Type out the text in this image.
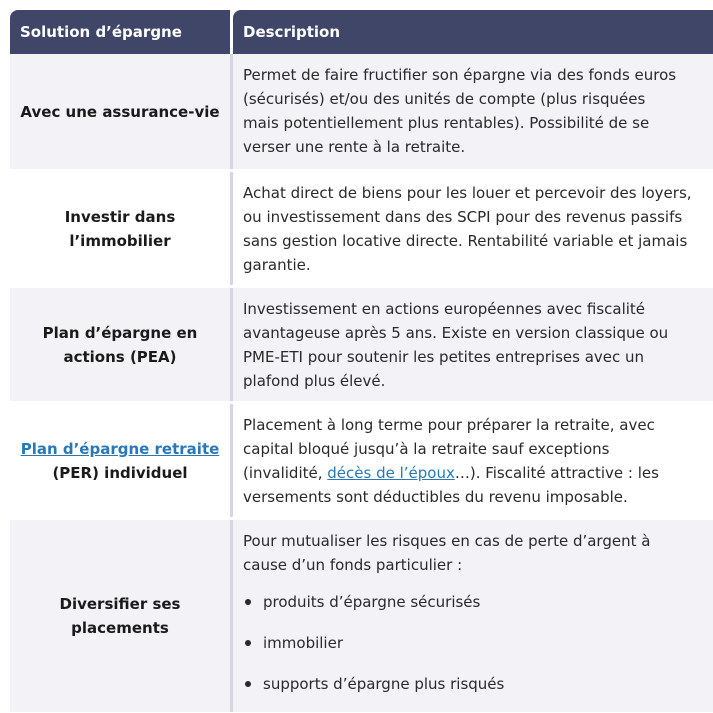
Solution d’épargne	Description
Avec une assurance-vie
Permet de faire fructifier son épargne via des fonds euros
(sécurisés) et/ou des unités de compte (plus risquées
mais potentiellement plus rentables). Possibilité de se
verser une rente à la retraite.
Investir dans
l’immobilier
Achat direct de biens pour les louer et percevoir des loyers,
ou investissement dans des SCPI pour des revenus passifs
sans gestion locative directe. Rentabilité variable et jamais
garantie.
Plan d’épargne en
actions (PEA)
Investissement en actions européennes avec fiscalité
avantageuse après 5 ans. Existe en version classique ou
PME-ETI pour soutenir les petites entreprises avec un
plafond plus élevé.
Plan d’épargne retraite
(PER) individuel
Placement à long terme pour préparer la retraite, avec
capital bloqué jusqu’à la retraite sauf exceptions
(invalidité, décès de l’époux…). Fiscalité attractive : les
versements sont déductibles du revenu imposable.
Diversifier ses
placements
Pour mutualiser les risques en cas de perte d’argent à
cause d’un fonds particulier :
produits d’épargne sécurisés
immobilier
supports d’épargne plus risqués
